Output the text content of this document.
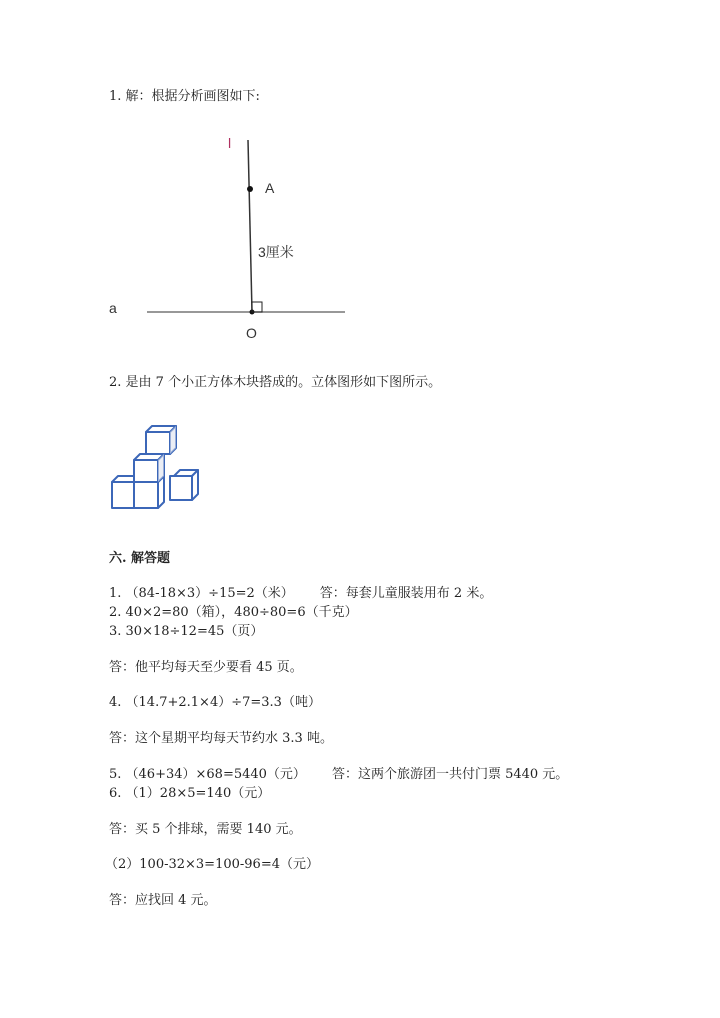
1. 解：根据分析画图如下:
l
A
3厘米
a
O
2. 是由 7 个小正方体木块搭成的。立体图形如下图所示。
六. 解答题
1. （84-18×3）÷15=2（米） 答：每套儿童服装用布 2 米。
2. 40×2=80（箱），480÷80=6（千克）
3. 30×18÷12=45（页）
答：他平均每天至少要看 45 页。
4. （14.7+2.1×4）÷7=3.3（吨）
答：这个星期平均每天节约水 3.3 吨。
5. （46+34）×68=5440（元） 答：这两个旅游团一共付门票 5440 元。
6. （1）28×5=140（元）
答：买 5 个排球，需要 140 元。
（2）100-32×3=100-96=4（元）
答：应找回 4 元。
